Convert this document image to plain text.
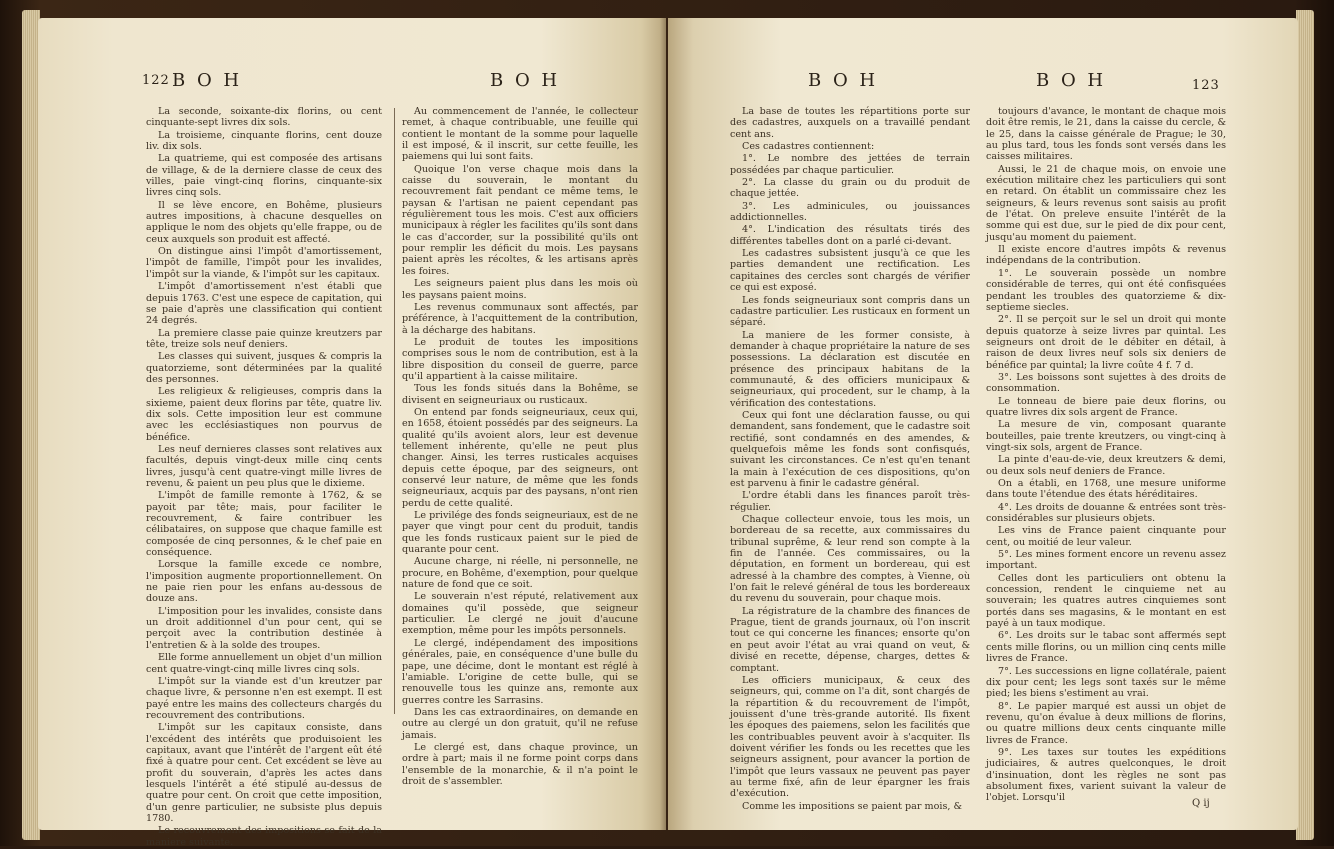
122 B O H	B O H

La seconde, soixante-dix florins, ou cent cinquante-sept livres dix sols.

La troisieme, cinquante florins, cent douze liv. dix sols.

La quatrieme, qui est composée des artisans de village, & de la derniere classe de ceux des villes, paie vingt-cinq florins, cinquante-six livres cinq sols.

Il se lève encore, en Bohême, plusieurs autres impositions, à chacune desquelles on applique le nom des objets qu'elle frappe, ou de ceux auxquels son produit est affecté.

On distingue ainsi l'impôt d'amortissement, l'impôt de famille, l'impôt pour les invalides, l'impôt sur la viande, & l'impôt sur les capitaux.

L'impôt d'amortissement n'est établi que depuis 1763. C'est une espece de capitation, qui se paie d'après une classification qui contient 24 degrés.

La premiere classe paie quinze kreutzers par tête, treize sols neuf deniers.

Les classes qui suivent, jusques & compris la quatorzieme, sont déterminées par la qualité des personnes.

Les religieux & religieuses, compris dans la sixieme, paient deux florins par tête, quatre liv. dix sols. Cette imposition leur est commune avec les ecclésiastiques non pourvus de bénéfice.

Les neuf dernieres classes sont relatives aux facultés, depuis vingt-deux mille cinq cents livres, jusqu'à cent quatre-vingt mille livres de revenu, & paient un peu plus que le dixieme.

L'impôt de famille remonte à 1762, & se payoit par tête; mais, pour faciliter le recouvrement, & faire contribuer les célibataires, on suppose que chaque famille est composée de cinq personnes, & le chef paie en conséquence.

Lorsque la famille excede ce nombre, l'imposition augmente proportionnellement. On ne paie rien pour les enfans au-dessous de douze ans.

L'imposition pour les invalides, consiste dans un droit additionnel d'un pour cent, qui se perçoit avec la contribution destinée à l'entretien & à la solde des troupes.

Elle forme annuellement un objet d'un million cent quatre-vingt-cinq mille livres cinq sols.

L'impôt sur la viande est d'un kreutzer par chaque livre, & personne n'en est exempt. Il est payé entre les mains des collecteurs chargés du recouvrement des contributions.

L'impôt sur les capitaux consiste, dans l'excédent des intérêts que produisoient les capitaux, avant que l'intérêt de l'argent eût été fixé à quatre pour cent. Cet excédent se lève au profit du souverain, d'après les actes dans lesquels l'intérêt a été stipulé au-dessus de quatre pour cent. On croit que cette imposition, d'un genre particulier, ne subsiste plus depuis 1780.

Le recouvrement des impositions se fait de la maniere suivante.

Au commencement de l'année, le collecteur remet, à chaque contribuable, une feuille qui contient le montant de la somme pour laquelle il est imposé, & il inscrit, sur cette feuille, les paiemens qui lui sont faits.

Quoique l'on verse chaque mois dans la caisse du souverain, le montant du recouvrement fait pendant ce même tems, le paysan & l'artisan ne paient cependant pas régulièrement tous les mois. C'est aux officiers municipaux à régler les facilites qu'ils sont dans le cas d'accorder, sur la possibilité qu'ils ont pour remplir les déficit du mois. Les paysans paient après les récoltes, & les artisans après les foires.

Les seigneurs paient plus dans les mois où les paysans paient moins.

Les revenus communaux sont affectés, par préférence, à l'acquittement de la contribution, à la décharge des habitans.

Le produit de toutes les impositions comprises sous le nom de contribution, est à la libre disposition du conseil de guerre, parce qu'il appartient à la caisse militaire.

Tous les fonds situés dans la Bohême, se divisent en seigneuriaux ou rusticaux.

On entend par fonds seigneuriaux, ceux qui, en 1658, étoient possédés par des seigneurs. La qualité qu'ils avoient alors, leur est devenue tellement inhérente, qu'elle ne peut plus changer. Ainsi, les terres rusticales acquises depuis cette époque, par des seigneurs, ont conservé leur nature, de même que les fonds seigneuriaux, acquis par des paysans, n'ont rien perdu de cette qualité.

Le privilége des fonds seigneuriaux, est de ne payer que vingt pour cent du produit, tandis que les fonds rusticaux paient sur le pied de quarante pour cent.

Aucune charge, ni réelle, ni personnelle, ne procure, en Bohême, d'exemption, pour quelque nature de fond que ce soit.

Le souverain n'est réputé, relativement aux domaines qu'il possède, que seigneur particulier. Le clergé ne jouit d'aucune exemption, même pour les impôts personnels.

Le clergé, indépendament des impositions générales, paie, en conséquence d'une bulle du pape, une décime, dont le montant est réglé à l'amiable. L'origine de cette bulle, qui se renouvelle tous les quinze ans, remonte aux guerres contre les Sarrasins.

Dans les cas extraordinaires, on demande en outre au clergé un don gratuit, qu'il ne refuse jamais.

Le clergé est, dans chaque province, un ordre à part; mais il ne forme point corps dans l'ensemble de la monarchie, & il n'a point le droit de s'assembler.

B O H	B O H	123

La base de toutes les répartitions porte sur des cadastres, auxquels on a travaillé pendant cent ans.

Ces cadastres contiennent:

1°. Le nombre des jettées de terrain possédées par chaque particulier.

2°. La classe du grain ou du produit de chaque jettée.

3°. Les adminicules, ou jouissances addictionnelles.

4°. L'indication des résultats tirés des différentes tabelles dont on a parlé ci-devant.

Les cadastres subsistent jusqu'à ce que les parties demandent une rectification. Les capitaines des cercles sont chargés de vérifier ce qui est exposé.

Les fonds seigneuriaux sont compris dans un cadastre particulier. Les rusticaux en forment un séparé.

La maniere de les former consiste, à demander à chaque propriétaire la nature de ses possessions. La déclaration est discutée en présence des principaux habitans de la communauté, & des officiers municipaux & seigneuriaux, qui procedent, sur le champ, à la vérification des contestations.

Ceux qui font une déclaration fausse, ou qui demandent, sans fondement, que le cadastre soit rectifié, sont condamnés en des amendes, & quelquefois même les fonds sont confisqués, suivant les circonstances. Ce n'est qu'en tenant la main à l'exécution de ces dispositions, qu'on est parvenu à finir le cadastre général.

L'ordre établi dans les finances paroît très-régulier.

Chaque collecteur envoie, tous les mois, un bordereau de sa recette, aux commissaires du tribunal suprême, & leur rend son compte à la fin de l'année. Ces commissaires, ou la députation, en forment un bordereau, qui est adressé à la chambre des comptes, à Vienne, où l'on fait le relevé général de tous les bordereaux du revenu du souverain, pour chaque mois.

La régistrature de la chambre des finances de Prague, tient de grands journaux, où l'on inscrit tout ce qui concerne les finances; ensorte qu'on en peut avoir l'état au vrai quand on veut, & divisé en recette, dépense, charges, dettes & comptant.

Les officiers municipaux, & ceux des seigneurs, qui, comme on l'a dit, sont chargés de la répartition & du recouvrement de l'impôt, jouissent d'une très-grande autorité. Ils fixent les époques des paiemens, selon les facilités que les contribuables peuvent avoir à s'acquiter. Ils doivent vérifier les fonds ou les recettes que les seigneurs assignent, pour avancer la portion de l'impôt que leurs vassaux ne peuvent pas payer au terme fixé, afin de leur épargner les frais d'exécution.

Comme les impositions se paient par mois, &

toujours d'avance, le montant de chaque mois doit être remis, le 21, dans la caisse du cercle, & le 25, dans la caisse générale de Prague; le 30, au plus tard, tous les fonds sont versés dans les caisses militaires.

Aussi, le 21 de chaque mois, on envoie une exécution militaire chez les particuliers qui sont en retard. On établit un commissaire chez les seigneurs, & leurs revenus sont saisis au profit de l'état. On preleve ensuite l'intérêt de la somme qui est due, sur le pied de dix pour cent, jusqu'au moment du paiement.

Il existe encore d'autres impôts & revenus indépendans de la contribution.

1°. Le souverain possède un nombre considérable de terres, qui ont été confisquées pendant les troubles des quatorzieme & dix-septieme siecles.

2°. Il se perçoit sur le sel un droit qui monte depuis quatorze à seize livres par quintal. Les seigneurs ont droit de le débiter en détail, à raison de deux livres neuf sols six deniers de bénéfice par quintal; la livre coûte 4 f. 7 d.

3°. Les boissons sont sujettes à des droits de consommation.

Le tonneau de biere paie deux florins, ou quatre livres dix sols argent de France.

La mesure de vin, composant quarante bouteilles, paie trente kreutzers, ou vingt-cinq à vingt-six sols, argent de France.

La pinte d'eau-de-vie, deux kreutzers & demi, ou deux sols neuf deniers de France.

On a établi, en 1768, une mesure uniforme dans toute l'étendue des états héréditaires.

4°. Les droits de douanne & entrées sont très-considérables sur plusieurs objets.

Les vins de France paient cinquante pour cent, ou moitié de leur valeur.

5°. Les mines forment encore un revenu assez important.

Celles dont les particuliers ont obtenu la concession, rendent le cinquieme net au souverain; les quatres autres cinquiemes sont portés dans ses magasins, & le montant en est payé à un taux modique.

6°. Les droits sur le tabac sont affermés sept cents mille florins, ou un million cinq cents mille livres de France.

7°. Les successions en ligne collatérale, paient dix pour cent; les legs sont taxés sur le même pied; les biens s'estiment au vrai.

8°. Le papier marqué est aussi un objet de revenu, qu'on évalue à deux millions de florins, ou quatre millions deux cents cinquante mille livres de France.

9°. Les taxes sur toutes les expéditions judiciaires, & autres quelconques, le droit d'insinuation, dont les règles ne sont pas absolument fixes, varient suivant la valeur de l'objet. Lorsqu'il

Q ij
